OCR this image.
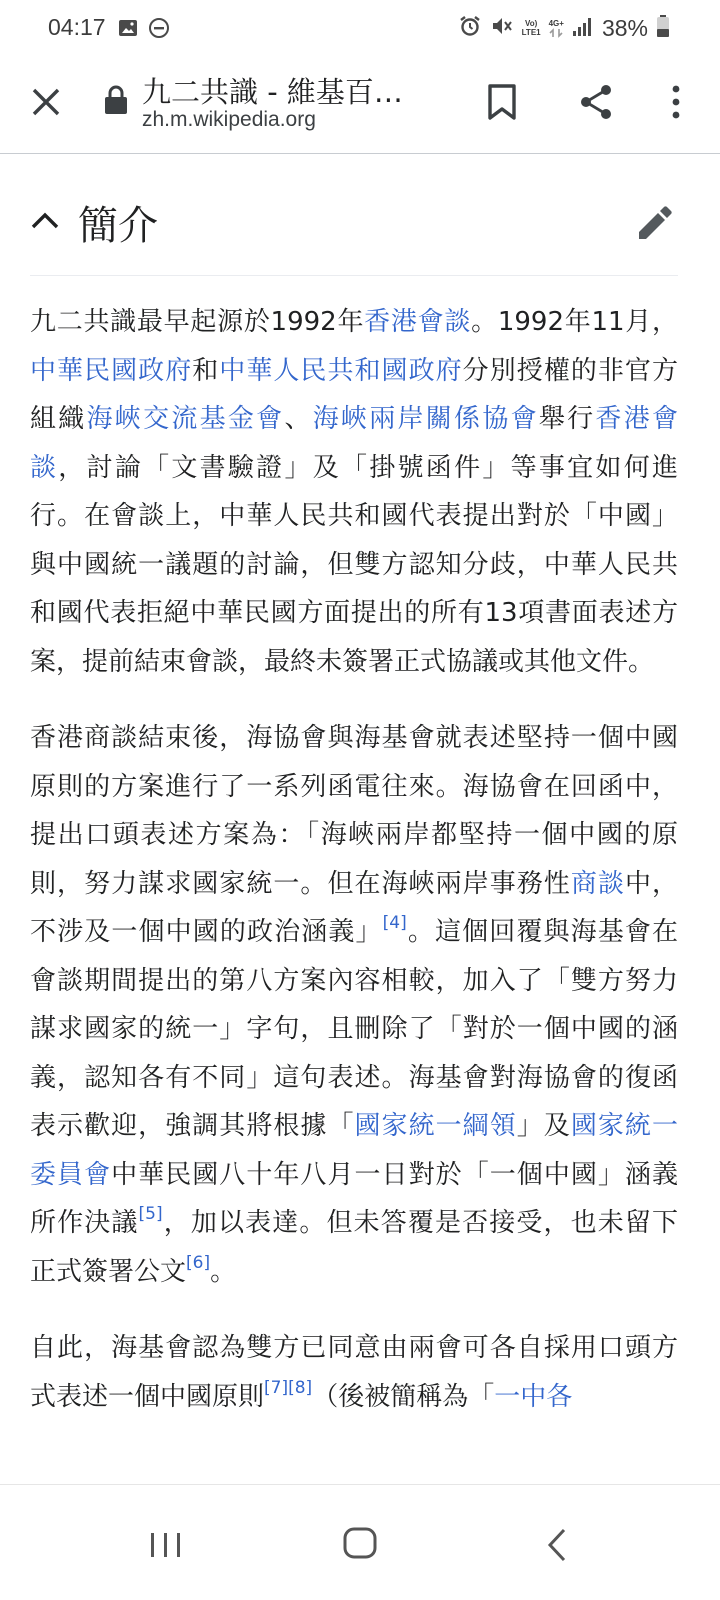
04:17	Vo)
LTE1
4G+ 38%
九二共識 - 維基百…
zh.m.wikipedia.org
簡介

九二共識最早起源於1992年香港會談。1992年11月，中華民國政府和中華人民共和國政府分別授權的非官方組織海峽交流基金會、海峽兩岸關係協會舉行香港會談，討論「文書驗證」及「掛號函件」等事宜如何進行。在會談上，中華人民共和國代表提出對於「中國」與中國統一議題的討論，但雙方認知分歧，中華人民共和國代表拒絕中華民國方面提出的所有13項書面表述方案，提前結束會談，最終未簽署正式協議或其他文件。

香港商談結束後，海協會與海基會就表述堅持一個中國原則的方案進行了一系列函電往來。海協會在回函中，提出口頭表述方案為：「海峽兩岸都堅持一個中國的原則，努力謀求國家統一。但在海峽兩岸事務性商談中，不涉及一個中國的政治涵義」[4]。這個回覆與海基會在會談期間提出的第八方案內容相較，加入了「雙方努力謀求國家的統一」字句，且刪除了「對於一個中國的涵義，認知各有不同」這句表述。海基會對海協會的復函表示歡迎，強調其將根據「國家統一綱領」及國家統一委員會中華民國八十年八月一日對於「一個中國」涵義所作決議[5]，加以表達。但未答覆是否接受，也未留下正式簽署公文[6]。

自此，海基會認為雙方已同意由兩會可各自採用口頭方式表述一個中國原則[7][8]（後被簡稱為「一中各
